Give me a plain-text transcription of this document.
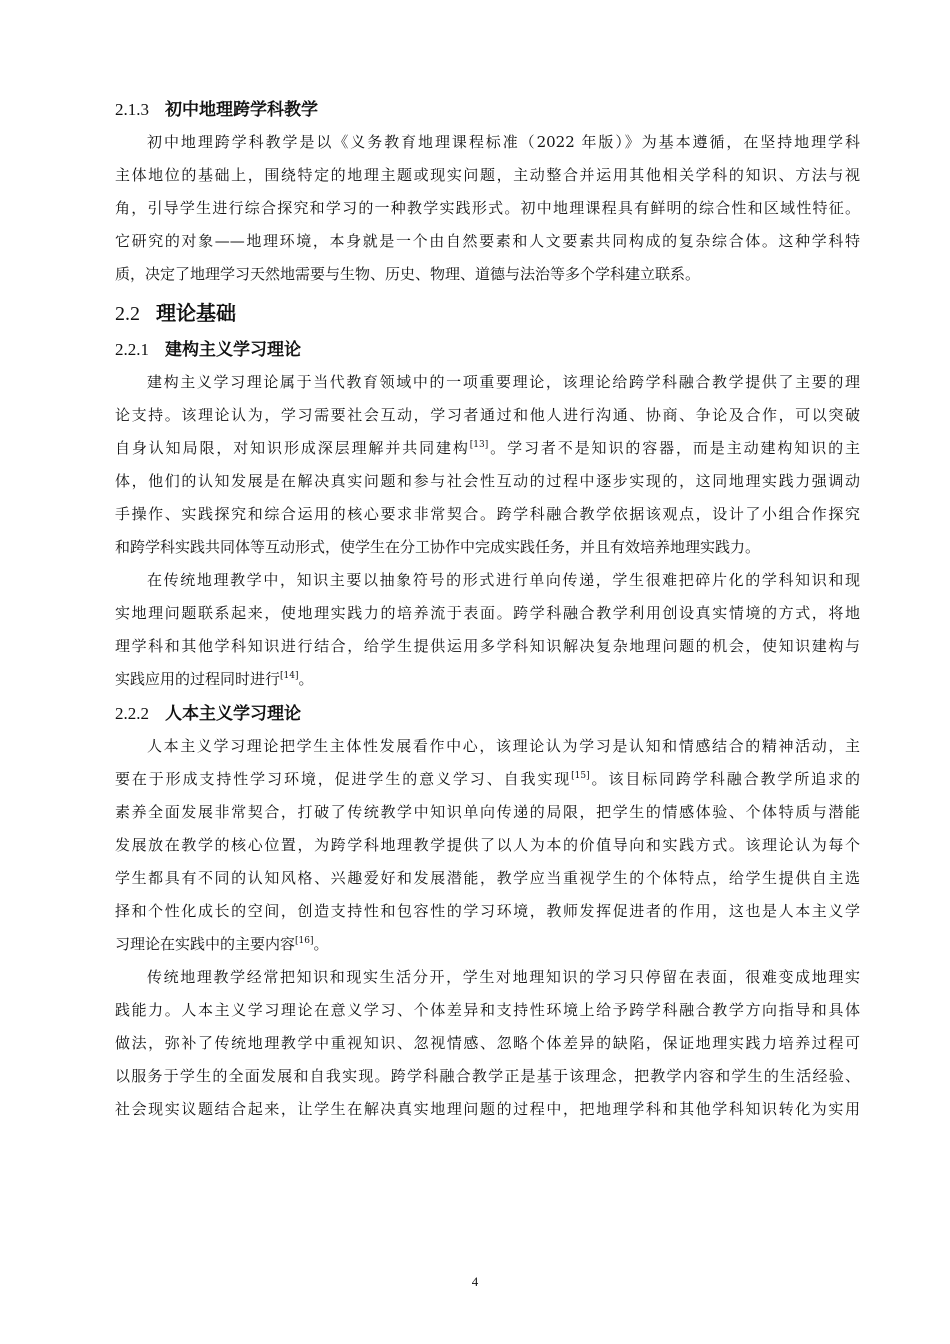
2.1.3 初中地理跨学科教学
初中地理跨学科教学是以《义务教育地理课程标准（2022 年版）》为基本遵循，在坚持地理学科
主体地位的基础上，围绕特定的地理主题或现实问题，主动整合并运用其他相关学科的知识、方法与视
角，引导学生进行综合探究和学习的一种教学实践形式。初中地理课程具有鲜明的综合性和区域性特征。
它研究的对象——地理环境，本身就是一个由自然要素和人文要素共同构成的复杂综合体。这种学科特
质，决定了地理学习天然地需要与生物、历史、物理、道德与法治等多个学科建立联系。
2.2 理论基础
2.2.1 建构主义学习理论
建构主义学习理论属于当代教育领域中的一项重要理论，该理论给跨学科融合教学提供了主要的理
论支持。该理论认为，学习需要社会互动，学习者通过和他人进行沟通、协商、争论及合作，可以突破
自身认知局限，对知识形成深层理解并共同建构[13]。学习者不是知识的容器，而是主动建构知识的主
体，他们的认知发展是在解决真实问题和参与社会性互动的过程中逐步实现的，这同地理实践力强调动
手操作、实践探究和综合运用的核心要求非常契合。跨学科融合教学依据该观点，设计了小组合作探究
和跨学科实践共同体等互动形式，使学生在分工协作中完成实践任务，并且有效培养地理实践力。
在传统地理教学中，知识主要以抽象符号的形式进行单向传递，学生很难把碎片化的学科知识和现
实地理问题联系起来，使地理实践力的培养流于表面。跨学科融合教学利用创设真实情境的方式，将地
理学科和其他学科知识进行结合，给学生提供运用多学科知识解决复杂地理问题的机会，使知识建构与
实践应用的过程同时进行[14]。
2.2.2 人本主义学习理论
人本主义学习理论把学生主体性发展看作中心，该理论认为学习是认知和情感结合的精神活动，主
要在于形成支持性学习环境，促进学生的意义学习、自我实现[15]。该目标同跨学科融合教学所追求的
素养全面发展非常契合，打破了传统教学中知识单向传递的局限，把学生的情感体验、个体特质与潜能
发展放在教学的核心位置，为跨学科地理教学提供了以人为本的价值导向和实践方式。该理论认为每个
学生都具有不同的认知风格、兴趣爱好和发展潜能，教学应当重视学生的个体特点，给学生提供自主选
择和个性化成长的空间，创造支持性和包容性的学习环境，教师发挥促进者的作用，这也是人本主义学
习理论在实践中的主要内容[16]。
传统地理教学经常把知识和现实生活分开，学生对地理知识的学习只停留在表面，很难变成地理实
践能力。人本主义学习理论在意义学习、个体差异和支持性环境上给予跨学科融合教学方向指导和具体
做法，弥补了传统地理教学中重视知识、忽视情感、忽略个体差异的缺陷，保证地理实践力培养过程可
以服务于学生的全面发展和自我实现。跨学科融合教学正是基于该理念，把教学内容和学生的生活经验、
社会现实议题结合起来，让学生在解决真实地理问题的过程中，把地理学科和其他学科知识转化为实用
4
